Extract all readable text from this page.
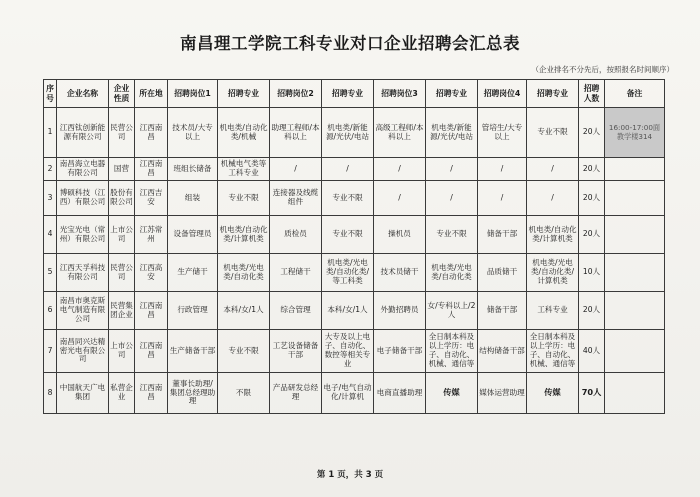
南昌理工学院工科专业对口企业招聘会汇总表
（企业排名不分先后，按照报名时间顺序）
序号	企业名称	企业性质	所在地	招聘岗位1	招聘专业	招聘岗位2	招聘专业	招聘岗位3	招聘专业	招聘岗位4	招聘专业	招聘人数	备注
1	江西钛创新能源有限公司	民营公司	江西南昌	技术员/大专以上	机电类/自动化类/机械	助理工程师/本科以上	机电类/新能源/光伏/电站	高级工程师/本科以上	机电类/新能源/光伏/电站	管培生/大专以上	专业不限	20人	16:00-17:00面教学楼314
2	南昌海立电器有限公司	国营	江西南昌	班组长储备	机械电气类等工科专业	/	/	/	/	/	/	20人	
3	博硕科技（江西）有限公司	股份有限公司	江西吉安	组装	专业不限	连接器及线缆组件	专业不限	/	/	/	/	20人	
4	光宝光电（常州）有限公司	上市公司	江苏常州	设备管理员	机电类/自动化类/计算机类	质检员	专业不限	操机员	专业不限	储备干部	机电类/自动化类/计算机类	20人	
5	江西天孚科技有限公司	民营公司	江西高安	生产储干	机电类/光电类/自动化类	工程储干	机电类/光电类/自动化类/等工科类	技术员储干	机电类/光电类/自动化类	品质储干	机电类/光电类/自动化类/计算机类	10人	
6	南昌市奥克斯电气制造有限公司	民营集团企业	江西南昌	行政管理	本科/女/1人	综合管理	本科/女/1人	外勤招聘员	女/专科以上/2人	储备干部	工科专业	20人	
7	南昌同兴达精密光电有限公司	上市公司	江西南昌	生产储备干部	专业不限	工艺设备储备干部	大专及以上电子、自动化、数控等相关专业	电子储备干部	全日制本科及以上学历：电子、自动化、机械、通信等	结构储备干部	全日制本科及以上学历：电子、自动化、机械、通信等	40人	
8	中国航天广电集团	私营企业	江西南昌	董事长助理/集团总经理助理	不限	产品研发总经理	电子/电气自动化/计算机	电商直播助理	传媒	媒体运营助理	传媒	70人	
第 1 页，共 3 页
